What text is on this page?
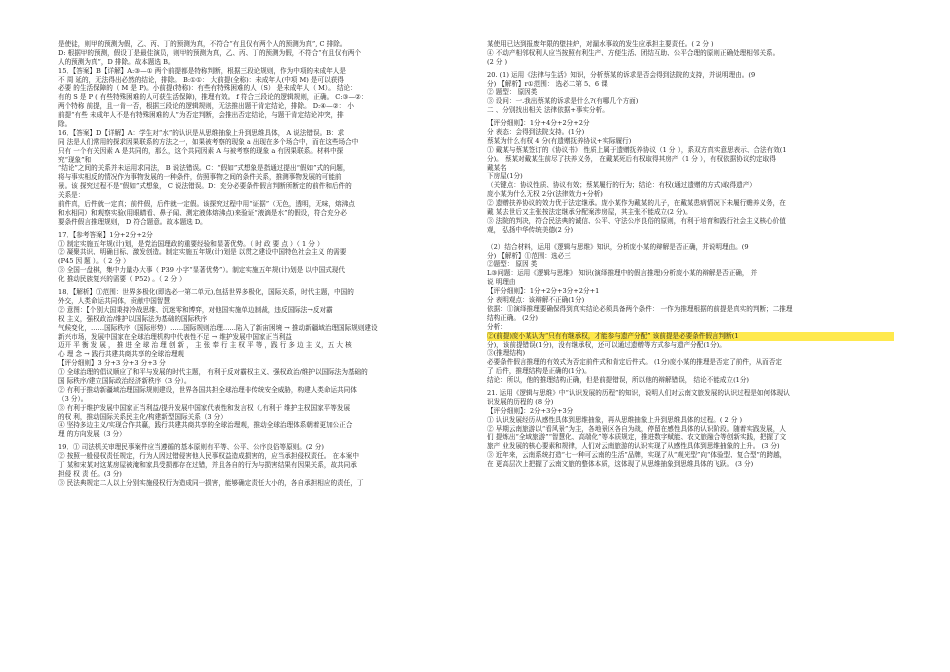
是使徒，则甲的预测为假，乙、丙、丁的预测为真，不符合“有且仅有两个人的预测为真”, C 排除。
D: 根据甲的预测，假设丁是最佳演员，则甲的预测为真，乙、丙、丁的预测为假，不符合“有且仅有两个
人的预测为真”，D 排除。故本题选 B。
15．【答案】B【详解】A:③—① 两个前提都是特称判断，根据三段论规则，作为中项的未成年人是
不 周 延的，无法得出必然的结论，排除。 B:①①： 大前提(全称)：未成年人(中项 M) 是可以获得
必要 的生活保障的（ M 是 P)。小前提(特称)：有些有特殊困难的人（S） 是未成年人（ M）。 结论：
有的 S 是 P ( 有些特殊困难的人可获生活保障)，推理有效。 f 符合三段论的逻辑规则，正确。 C:③—②：
两个特称 前提，且一肯一否，根据三段论的逻辑规则，无法推出题干肯定结论，排除。 D:④—②： 小
前提“有些 未成年人不是有特殊困难的人”为否定判断，会推出否定结论，与题干肯定结论冲突，排
除。
16．【答案】D【详解】A：学生对“水”的认识是从思维抽象上升到思维具体， A 说法错误。B：求
同 法是人们常用的探求因果联系的方法之一，如果被考察的现象 a 出现在多个场合中，而在这些场合中
只有 一个有关因素 A 是共同的，那么，这个共同因素 A 与被考察的现象 a 有因果联系。材料中探
究“现象”和
“结论”之间的关系并未运用求同法， B 说法错误。C：“假如”式想象是指通过提出“假如”式的问题，
将与事实相反的情况作为事物发展的一种条件，仿照事物之间的条件关系，推测事物发展的可能前
景。该 探究过程不是“假如”式想象， C 说法错误。D：充分必要条件假言判断所断定的前件和后件的
关系是：
前件真，后件就一定真；前件假，后件就一定假。该探究过程中用“证据”（无色，透明，无味，熔沸点
和水相同）和观察实验(用眼睛看、鼻子闻、测定液体熔沸点)来验证“液滴是水”的假设，符合充分必
要条件假言推理规则， D 符合题意。故本题选 D。
17．【参考答案】1分+2分+2分
① 制定实施五年规(计)划，是党治国理政的重要经验和显著优势。（ 时 政 要 点 ）（ 1 分 ）
② 凝聚共识、明确目标、激发创造。制定实施五年规(计)划是 以贯之建设中国特色社会主义 的需要
(P45 因 题 ）。（ 2 分 ）
③ 全国一盘棋，集中力量办大事（ P39 小字“显著优势”）。制定实施五年规(计)划是 以中国式现代
化 推动民族复兴的需要（ P52) 。（ 2 分 ）
18．【解析】①范围：世界多极化(即选必一第二单元),包括世界多极化，国际关系，时代主题，中国的
外交，人类命运共同体，贡献中国智慧
② 意图：【个别大国秉持冷战思维、沉迷零和博弈，对他国实施单边制裁，违反国际法→反对霸
权 主义，强权政治/维护以国际法为基础的国际秩序
气候变化，……国际秩序（国际形势）……国际规则治理……陷入了新宙困境 → 推动新疆域治理国际规则建设
新兴市场，发展中国家在全球治理机构中代表性不足 → 维护发展中国家正当利益
迈开 平 衡 发 展 ， 推 进 全 球 治 理 创 新 ， 主 张 奉 行 主 权 平 等 ，践 行 多 边 主 义，五 大 核
心 理 念 → 践行共建共商共享的全球治理观
【评分细则】3 分+3 分+3 分+3 分
① 全球治理的倡议顺应了和平与发展的时代主题， 有利于反对霸权主义、强权政治/维护以国际法为基础的
国 际秩序/建立国际政治经济新秩序（3 分）。
② 有利于推动新疆域治理国际规则建设，世界各国共担全球治理非传统安全威胁，构建人类命运共同体
（3 分）。
③ 有利于维护发展中国家正当利益/提升发展中国家代表性和发言权（,有利于 维护主权国家平等发展
的权 利，推动国际关系民主化/构建新型国际关系（3 分）
④ 坚持多边主义/实现合作共赢，践行共建共商共享的全球治理观，推动全球治理体系朝着更加公正合
理 的方向发展（3 分）
19．① 司法机关审理民事案件应当遵循的基本原则有平等、公平、公序良俗等原则。(2 分)
② 按照一般侵权责任规定，行为人因过错侵害他人民事权益造成损害的，应当承担侵权责任。 在本案中
丁 某和宋某对这某房屋被淹和家具受损都存在过错，并且各自的行为与损害结果有因果关系，故共同承
担侵 权 责 任。(3 分)
③ 民法典规定二人以上分别实施侵权行为造成同一损害，能够确定责任大小的，各自承担相应的责任，丁
某使用已达到报废年限的壁挂炉，对漏水事故的发生应承担主要责任。( 2 分 )
④ 不动产相邻权利人应当按照有利生产、方便生活、团结互助、公平合理的原则正确处理相邻关系。
(2 分 )
20. (1) 运用《法律与生活》知识，分析蔡某的诉求是否会得到法院的支持，并说明理由。(9
分) 【解析】r①范围： 选必二第 5、6 课
② 题型： 原因类
③ 设问：一.我出蔡某的诉求是什么?(有哪几个方面)
二 、分别找出相关 法律依据+事实分析。
【评分细则】：1分+4分+2分+2分
分 表态：会得到法院支持。(1分)
蔡某为什么有权 4 分(有遗赠抚养协议+实际履行)
① 戴某与蔡某签订的《协议书》 性质上属于遗赠抚养协议（1 分 ），系双方真实意思表示、合法有效(1
分)。 蔡某对戴某生前尽了扶养义务， 在戴某死后有权取得其房产（1 分 ），有权依据协议约定取得
戴某名
下房屋(1分)
（关键点：协议性质、协议有效；蔡某履行的行为；结论：有权(通过遗赠的方式)取得遗产）
庞小某为什么无权 2分(法律效力+分析)
② 遗赠扶养协议的效力优于法定继承。庞小某作为戴某的儿子，在戴某患病情况下未履行赡养义务，在
戴 某去世后又主张按法定继承分配案涉房屋，其主张不能成立(2 分)。
③ 法院的判决，符合民法典的诚信、公平、守法公序良俗的原则，有利于培育和践行社会主义核心价值
观， 弘扬中华传统美德(2 分)
（2）结合材料，运用《逻辑与思维》知识，分析庞小某的辩解是否正确，并说明理由。(9
分) 【解析】①范围：选必三
②题型： 原因 类
L③问题：运用《逻辑与思维》 知识(演绎推理中的假言推理)分析庞小某的辩解是否正确， 并
说 明理由
【评分细则】：1分+2分+3分+2分+1
分 表明观点：该辩解不正确(1分)
依据：①演绎推理要确保得到真实结论必须具备两个条件： 一作为推理根据的前提是真实的判断；二推理
结构正确。 (2分)
分析：
②(前提)庞小某认为“只有有继承权，才能参与遗产分配” 该前提是必要条件假言判断(1
分)，该前提错误(1分)，没有继承权，还可以通过遗赠等方式参与遗产分配(1分)。
③(推理结构)
必要条件假言推理的有效式为否定前件式和肯定后件式。 (1分)庞小某的推理是否定了前件，从而否定
了 后件，推理结构是正确的(1分)。
结论：所以，他的推理结构正确，但是前提错误，所以他的辩解错误， 结论不能成立(1分)
21. 运用《逻辑与思维》中“认识发展的历程”的知识，说明人们对云南文旅发展的认识过程是如何体现认
识发展的历程的 (8 分)
【评分细则】：2分+3分+3分
① 认识发展经历从感性具体到思维抽象，再从思维抽象上升到思维具体的过程。( 2 分 )
② 早期云南旅游以“看风景”为主，各地景区各自为战，停留在感性具体的认识阶段。随着实践发展，人
们 提炼出“全域旅游”“智慧化、高端化”等本质规定，推进数字赋能、农文旅融合等创新实践，把握了文
旅产 业发展的核心要素和规律，人们对云南旅游的认识实现了从感性具体到思维抽象的上升。 (3 分)
③ 近年来，云南系统打造“七一种可云南的生活”品牌，实现了从“观光型”向“体验型、复合型”的跨越，
在 更高层次上把握了云南文旅的整体本质，这体现了从思维抽象到思维具体的飞跃。 (3 分)
